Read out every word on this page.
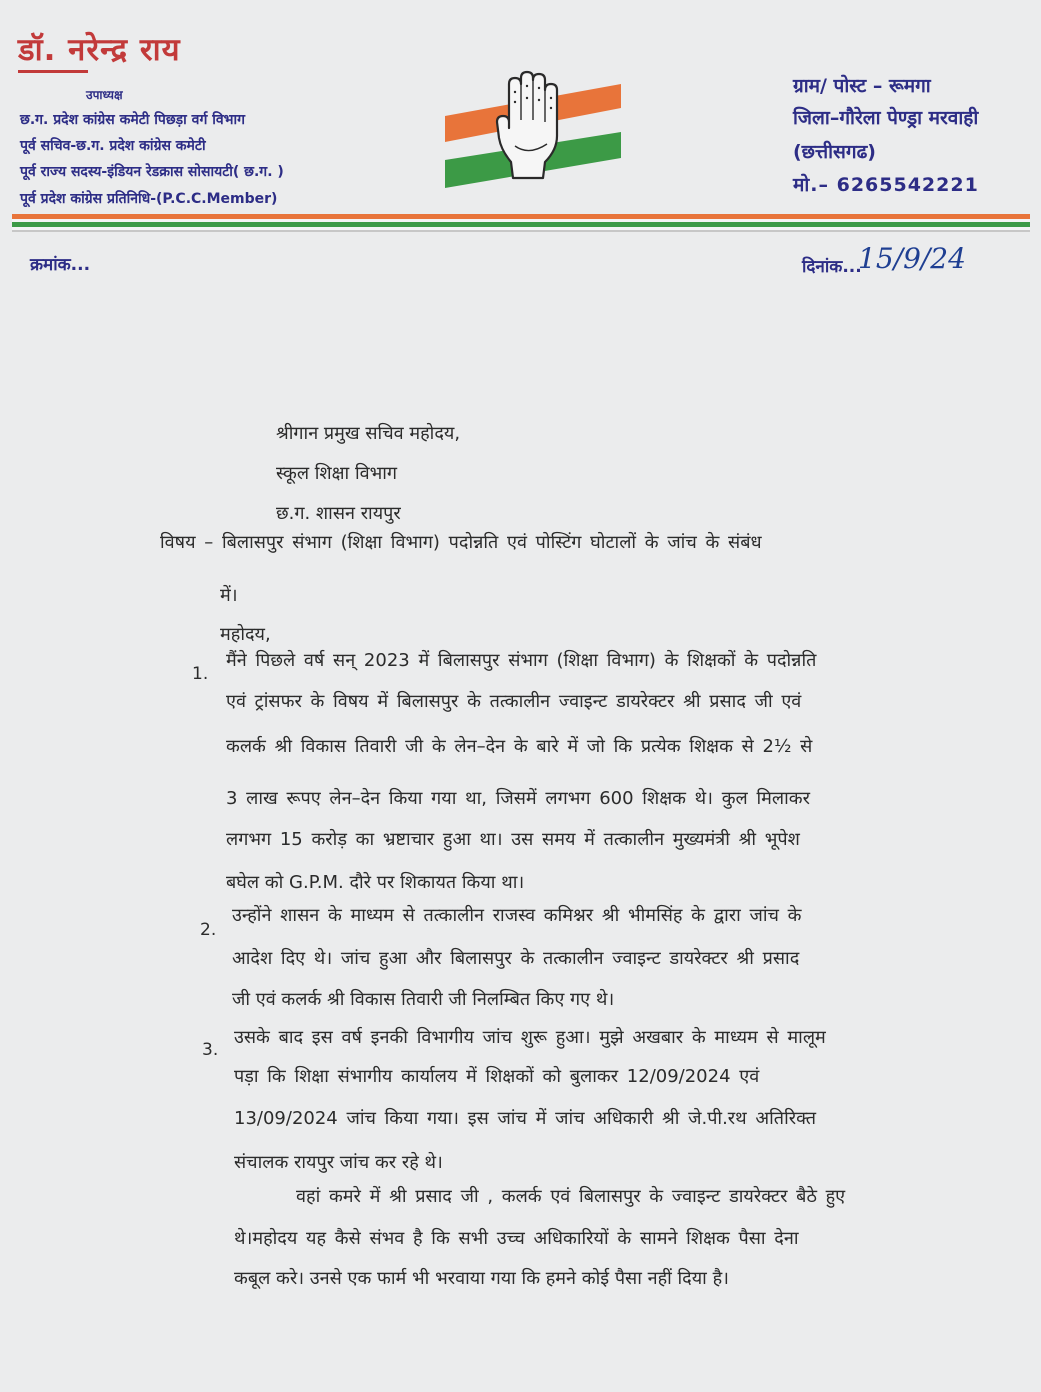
डॉ. नरेन्द्र राय
उपाध्यक्ष
छ.ग. प्रदेश कांग्रेस कमेटी पिछड़ा वर्ग विभाग
पूर्व सचिव-छ.ग. प्रदेश कांग्रेस कमेटी
पूर्व राज्य सदस्य-इंडियन रेडक्रास सोसायटी( छ.ग. )
पूर्व प्रदेश कांग्रेस प्रतिनिधि-(P.C.C.Member)
ग्राम/ पोस्ट – रूमगा
जिला–गौरेला पेण्ड्रा मरवाही
(छत्तीसगढ)
मो.– 6265542221
क्रमांक...	दिनांक...
15/9/24
श्रीगान प्रमुख सचिव महोदय,
स्कूल शिक्षा विभाग
छ.ग. शासन रायपुर
विषय – बिलासपुर संभाग (शिक्षा विभाग) पदोन्नति एवं पोस्टिंग घोटालों के जांच के संबंध
में।
महोदय,
1.
मैंने पिछले वर्ष सन् 2023 में बिलासपुर संभाग (शिक्षा विभाग) के शिक्षकों के पदोन्नति
एवं ट्रांसफर के विषय में बिलासपुर के तत्कालीन ज्वाइन्ट डायरेक्टर श्री प्रसाद जी एवं
कलर्क श्री विकास तिवारी जी के लेन–देन के बारे में जो कि प्रत्येक शिक्षक से 2½ से
3 लाख रूपए लेन–देन किया गया था, जिसमें लगभग 600 शिक्षक थे। कुल मिलाकर
लगभग 15 करोड़ का भ्रष्टाचार हुआ था। उस समय में तत्कालीन मुख्यमंत्री श्री भूपेश
बघेल को G.P.M. दौरे पर शिकायत किया था।
2.
उन्होंने शासन के माध्यम से तत्कालीन राजस्व कमिश्नर श्री भीमसिंह के द्वारा जांच के
आदेश दिए थे। जांच हुआ और बिलासपुर के तत्कालीन ज्वाइन्ट डायरेक्टर श्री प्रसाद
जी एवं कलर्क श्री विकास तिवारी जी निलम्बित किए गए थे।
3.
उसके बाद इस वर्ष इनकी विभागीय जांच शुरू हुआ। मुझे अखबार के माध्यम से मालूम
पड़ा कि शिक्षा संभागीय कार्यालय में शिक्षकों को बुलाकर 12/09/2024 एवं
13/09/2024 जांच किया गया। इस जांच में जांच अधिकारी श्री जे.पी.रथ अतिरिक्त
संचालक रायपुर जांच कर रहे थे।
वहां कमरे में श्री प्रसाद जी , कलर्क एवं बिलासपुर के ज्वाइन्ट डायरेक्टर बैठे हुए
थे।महोदय यह कैसे संभव है कि सभी उच्च अधिकारियों के सामने शिक्षक पैसा देना
कबूल करे। उनसे एक फार्म भी भरवाया गया कि हमने कोई पैसा नहीं दिया है।
